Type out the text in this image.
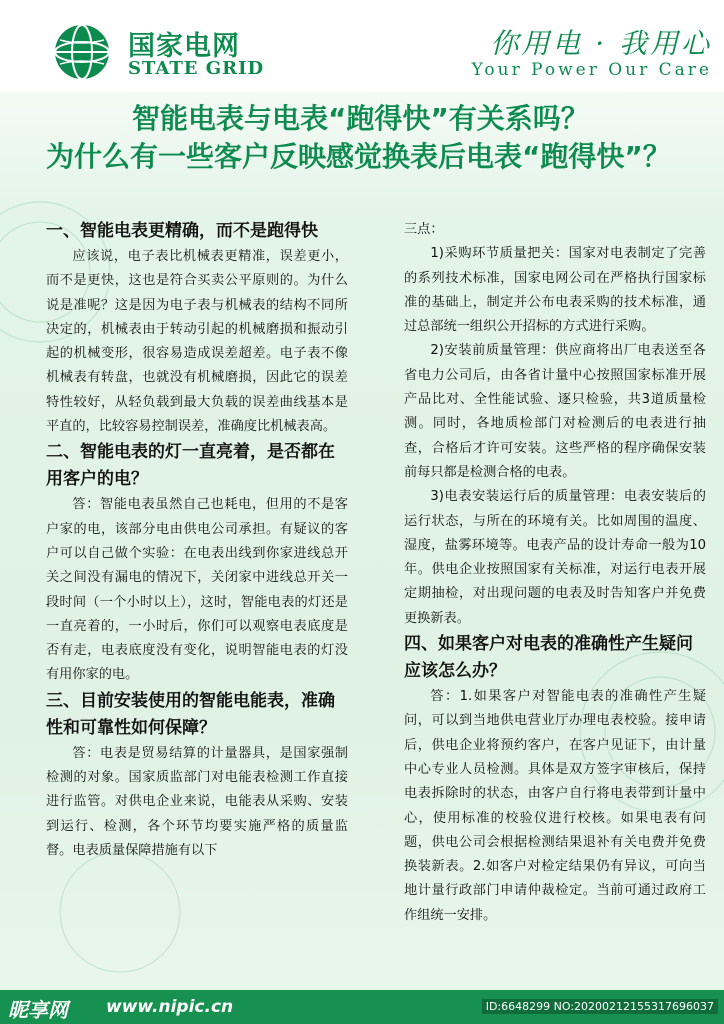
国家电网
STATE GRID
你用电 · 我用心
Your Power Our Care
智能电表与电表“跑得快”有关系吗？
为什么有一些客户反映感觉换表后电表“跑得快”？
一、智能电表更精确，而不是跑得快

应该说，电子表比机械表更精准，误差更小，而不是更快，这也是符合买卖公平原则的。为什么说是准呢？这是因为电子表与机械表的结构不同所决定的，机械表由于转动引起的机械磨损和振动引起的机械变形，很容易造成误差超差。电子表不像机械表有转盘，也就没有机械磨损，因此它的误差特性较好，从轻负载到最大负载的误差曲线基本是平直的，比较容易控制误差，准确度比机械表高。

二、智能电表的灯一直亮着，是否都在用客户的电？

答：智能电表虽然自己也耗电，但用的不是客户家的电，该部分电由供电公司承担。有疑议的客户可以自己做个实验：在电表出线到你家进线总开关之间没有漏电的情况下，关闭家中进线总开关一段时间（一个小时以上），这时，智能电表的灯还是一直亮着的，一小时后，你们可以观察电表底度是否有走，电表底度没有变化，说明智能电表的灯没有用你家的电。

三、目前安装使用的智能电能表，准确性和可靠性如何保障？

答：电表是贸易结算的计量器具，是国家强制检测的对象。国家质监部门对电能表检测工作直接进行监管。对供电企业来说，电能表从采购、安装到运行、检测，各个环节均要实施严格的质量监督。电表质量保障措施有以下

三点：

1)采购环节质量把关：国家对电表制定了完善的系列技术标准，国家电网公司在严格执行国家标准的基础上，制定并公布电表采购的技术标准，通过总部统一组织公开招标的方式进行采购。

2)安装前质量管理：供应商将出厂电表送至各省电力公司后，由各省计量中心按照国家标准开展产品比对、全性能试验、逐只检验，共3道质量检测。同时，各地质检部门对检测后的电表进行抽查，合格后才许可安装。这些严格的程序确保安装前每只都是检测合格的电表。

3)电表安装运行后的质量管理：电表安装后的运行状态，与所在的环境有关。比如周围的温度、湿度，盐雾环境等。电表产品的设计寿命一般为10年。供电企业按照国家有关标准，对运行电表开展定期抽检，对出现问题的电表及时告知客户并免费更换新表。

四、如果客户对电表的准确性产生疑问应该怎么办？

答：1.如果客户对智能电表的准确性产生疑问，可以到当地供电营业厅办理电表校验。接申请后，供电企业将预约客户，在客户见证下，由计量中心专业人员检测。具体是双方签字审核后，保持电表拆除时的状态，由客户自行将电表带到计量中心，使用标准的校验仪进行校核。如果电表有问题，供电公司会根据检测结果退补有关电费并免费换装新表。2.如客户对检定结果仍有异议，可向当地计量行政部门申请仲裁检定。当前可通过政府工作组统一安排。

昵享网 www.nipic.cn	ID:6648299 NO:20200212155317696037
